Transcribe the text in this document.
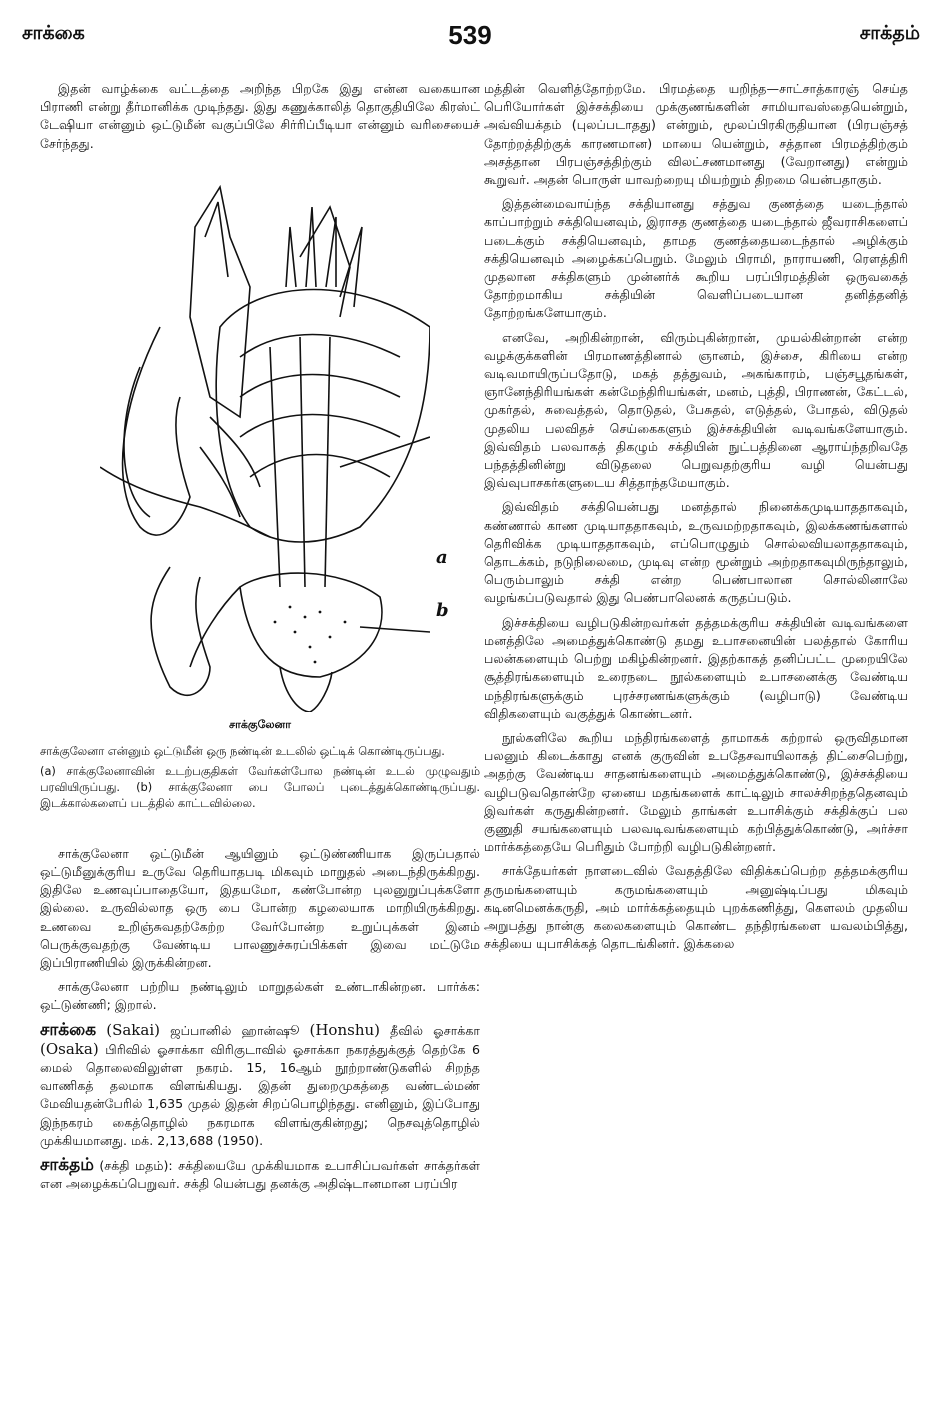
சாக்கை	539	சாக்தம்

இதன் வாழ்க்கை வட்டத்தை அறிந்த பிறகே இது என்ன வகையான பிராணி என்று தீர்மானிக்க முடிந்தது. இது கணுக்காலித் தொகுதியிலே கிரஸ்ட் டேஷியா என்னும் ஒட்டுமீன் வகுப்பிலே சிர்ரிப்பீடியா என்னும் வரிசையைச் சேர்ந்தது.

a
b
சாக்குலேனா

சாக்குலேனா என்னும் ஒட்டுமீன் ஒரு நண்டின் உடலில் ஒட்டிக் கொண்டிருப்பது.

(a) சாக்குலேனாவின் உடற்பகுதிகள் வேர்கள்போல நண்டின் உடல் முழுவதும் பரவியிருப்பது. (b) சாக்குலேனா பை போலப் புடைத்துக்கொண்டிருப்பது. இடக்கால்களைப் படத்தில் காட்டவில்லை.

சாக்குலேனா ஒட்டுமீன் ஆயினும் ஒட்டுண்ணியாக இருப்பதால் ஒட்டுமீனுக்குரிய உருவே தெரியாதபடி மிகவும் மாறுதல் அடைந்திருக்கிறது. இதிலே உணவுப்பாதையோ, இதயமோ, கண்போன்ற புலனுறுப்புக்களோ இல்லை. உருவில்லாத ஒரு பை போன்ற கழலையாக மாறியிருக்கிறது. உணவை உறிஞ்சுவதற்கேற்ற வேர்போன்ற உறுப்புக்கள் இனம் பெருக்குவதற்கு வேண்டிய பாலணுச்சுரப்பிக்கள் இவை மட்டுமே இப்பிராணியில் இருக்கின்றன.

சாக்குலேனா பற்றிய நண்டிலும் மாறுதல்கள் உண்டாகின்றன. பார்க்க: ஒட்டுண்ணி; இறால்.

சாக்கை (Sakai) ஜப்பானில் ஹான்ஷூ (Honshu) தீவில் ஓசாக்கா (Osaka) பிரிவில் ஓசாக்கா விரிகுடாவில் ஓசாக்கா நகரத்துக்குத் தெற்கே 6 மைல் தொலைவிலுள்ள நகரம். 15, 16ஆம் நூற்றாண்டுகளில் சிறந்த வாணிகத் தலமாக விளங்கியது. இதன் துறைமுகத்தை வண்டல்மண் மேவியதன்பேரில் 1,635 முதல் இதன் சிறப்பொழிந்தது. எனினும், இப்போது இந்நகரம் கைத்தொழில் நகரமாக விளங்குகின்றது; நெசவுத்தொழில் முக்கியமானது. மக். 2,13,688 (1950).

சாக்தம் (சக்தி மதம்): சக்தியையே முக்கியமாக உபாசிப்பவர்கள் சாக்தர்கள் என அழைக்கப்பெறுவர். சக்தி யென்பது தனக்கு அதிஷ்டானமான பரப்பிர

மத்தின் வெளித்தோற்றமே. பிரமத்தை யறிந்த—சாட்சாத்காரஞ் செய்த பெரியோர்கள் இச்சக்தியை முக்குணங்களின் சாமியாவஸ்தையென்றும், அவ்வியக்தம் (புலப்படாதது) என்றும், மூலப்பிரகிருதியான (பிரபஞ்சத் தோற்றத்திற்குக் காரணமான) மாயை யென்றும், சத்தான பிரமத்திற்கும் அசத்தான பிரபஞ்சத்திற்கும் விலட்சணமானது (வேறானது) என்றும் கூறுவர். அதன் பொருள் யாவற்றையு மியற்றும் திறமை யென்பதாகும்.

இத்தன்மைவாய்ந்த சக்தியானது சத்துவ குணத்தை யடைந்தால் காப்பாற்றும் சக்தியெனவும், இராசத குணத்தை யடைந்தால் ஜீவராசிகளைப் படைக்கும் சக்தியெனவும், தாமத குணத்தையடைந்தால் அழிக்கும் சக்தியெனவும் அழைக்கப்பெறும். மேலும் பிராமி, நாராயணி, ரௌத்திரி முதலான சக்திகளும் முன்னர்க் கூறிய பரப்பிரமத்தின் ஒருவகைத் தோற்றமாகிய சக்தியின் வெளிப்படையான தனித்தனித் தோற்றங்களேயாகும்.

எனவே, அறிகின்றான், விரும்புகின்றான், முயல்கின்றான் என்ற வழக்குக்களின் பிரமாணத்தினால் ஞானம், இச்சை, கிரியை என்ற வடிவமாயிருப்பதோடு, மகத் தத்துவம், அகங்காரம், பஞ்சபூதங்கள், ஞானேந்திரியங்கள் கன்மேந்திரியங்கள், மனம், புத்தி, பிராணன், கேட்டல், முகர்தல், சுவைத்தல், தொடுதல், பேசுதல், எடுத்தல், போதல், விடுதல் முதலிய பலவிதச் செய்கைகளும் இச்சக்தியின் வடிவங்களேயாகும். இவ்விதம் பலவாகத் திகழும் சக்தியின் நுட்பத்தினை ஆராய்ந்தறிவதே பந்தத்தினின்று விடுதலை பெறுவதற்குரிய வழி யென்பது இவ்வுபாசகர்களுடைய சித்தாந்தமேயாகும்.

இவ்விதம் சக்தியென்பது மனத்தால் நினைக்கமுடியாததாகவும், கண்ணால் காண முடியாததாகவும், உருவமற்றதாகவும், இலக்கணங்களால் தெரிவிக்க முடியாததாகவும், எப்பொழுதும் சொல்லவியலாததாகவும், தொடக்கம், நடுநிலைமை, முடிவு என்ற மூன்றும் அற்றதாகவுமிருந்தாலும், பெரும்பாலும் சக்தி என்ற பெண்பாலான சொல்லினாலே வழங்கப்படுவதால் இது பெண்பாலெனக் கருதப்படும்.

இச்சக்தியை வழிபடுகின்றவர்கள் தத்தமக்குரிய சக்தியின் வடிவங்களை மனத்திலே அமைத்துக்கொண்டு தமது உபாசனையின் பலத்தால் கோரிய பலன்களையும் பெற்று மகிழ்கின்றனர். இதற்காகத் தனிப்பட்ட முறையிலே சூத்திரங்களையும் உரைநடை நூல்களையும் உபாசனைக்கு வேண்டிய மந்திரங்களுக்கும் புரச்சரணங்களுக்கும் (வழிபாடு) வேண்டிய விதிகளையும் வகுத்துக் கொண்டனர்.

நூல்களிலே கூறிய மந்திரங்களைத் தாமாகக் கற்றால் ஒருவிதமான பலனும் கிடைக்காது எனக் குருவின் உபதேசவாயிலாகத் திட்சைபெற்று, அதற்கு வேண்டிய சாதனங்களையும் அமைத்துக்கொண்டு, இச்சக்தியை வழிபடுவதொன்றே ஏனைய மதங்களைக் காட்டிலும் சாலச்சிறந்ததெனவும் இவர்கள் கருதுகின்றனர். மேலும் தாங்கள் உபாசிக்கும் சக்திக்குப் பல குணுதி சயங்களையும் பலவடிவங்களையும் கற்பித்துக்கொண்டு, அர்ச்சா மார்க்கத்தையே பெரிதும் போற்றி வழிபடுகின்றனர்.

சாக்தேயர்கள் நாளடைவில் வேதத்திலே விதிக்கப்பெற்ற தத்தமக்குரிய தருமங்களையும் கருமங்களையும் அனுஷ்டிப்பது மிகவும் கடினமெனக்கருதி, அம் மார்க்கத்தையும் புறக்கணித்து, கௌலம் முதலிய அறுபத்து நான்கு கலைகளையும் கொண்ட தந்திரங்களை யவலம்பித்து, சக்தியை யுபாசிக்கத் தொடங்கினர். இக்கலை
